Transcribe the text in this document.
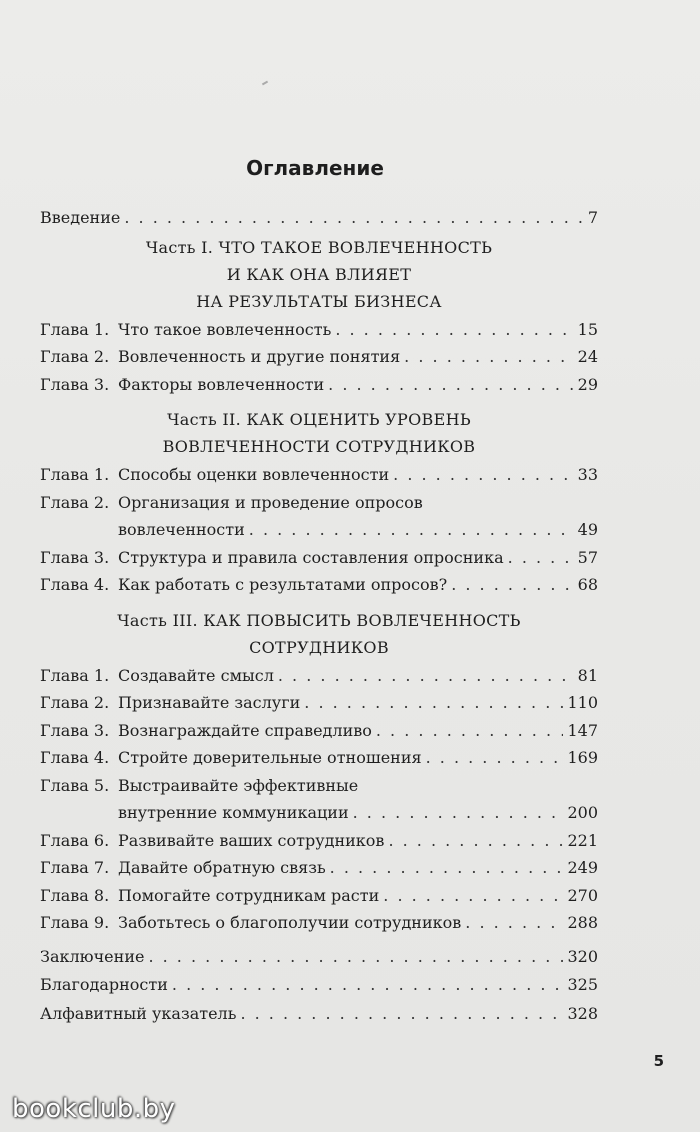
Оглавление
Введение . . .	7
Часть I. ЧТО ТАКОЕ ВОВЛЕЧЕННОСТЬ
И КАК ОНА ВЛИЯЕТ
НА РЕЗУЛЬТАТЫ БИЗНЕСА
Глава 1. Что такое вовлеченность . . .	15
Глава 2. Вовлеченность и другие понятия . . .	24
Глава 3. Факторы вовлеченности . . .	29
Часть II. КАК ОЦЕНИТЬ УРОВЕНЬ
ВОВЛЕЧЕННОСТИ СОТРУДНИКОВ
Глава 1. Способы оценки вовлеченности . . .	33
Глава 2. Организация и проведение опросов
вовлеченности . . .	49
Глава 3. Структура и правила составления опросника . . .	57
Глава 4. Как работать с результатами опросов? . . .	68
Часть III. КАК ПОВЫСИТЬ ВОВЛЕЧЕННОСТЬ
СОТРУДНИКОВ
Глава 1. Создавайте смысл . . .	81
Глава 2. Признавайте заслуги . . .	110
Глава 3. Вознаграждайте справедливо . . .	147
Глава 4. Стройте доверительные отношения . . .	169
Глава 5. Выстраивайте эффективные
внутренние коммуникации . . .	200
Глава 6. Развивайте ваших сотрудников . . .	221
Глава 7. Давайте обратную связь . . .	249
Глава 8. Помогайте сотрудникам расти . . .	270
Глава 9. Заботьтесь о благополучии сотрудников . . .	288
Заключение . . .	320
Благодарности . . .	325
Алфавитный указатель . . .	328
5
bookclub.by
